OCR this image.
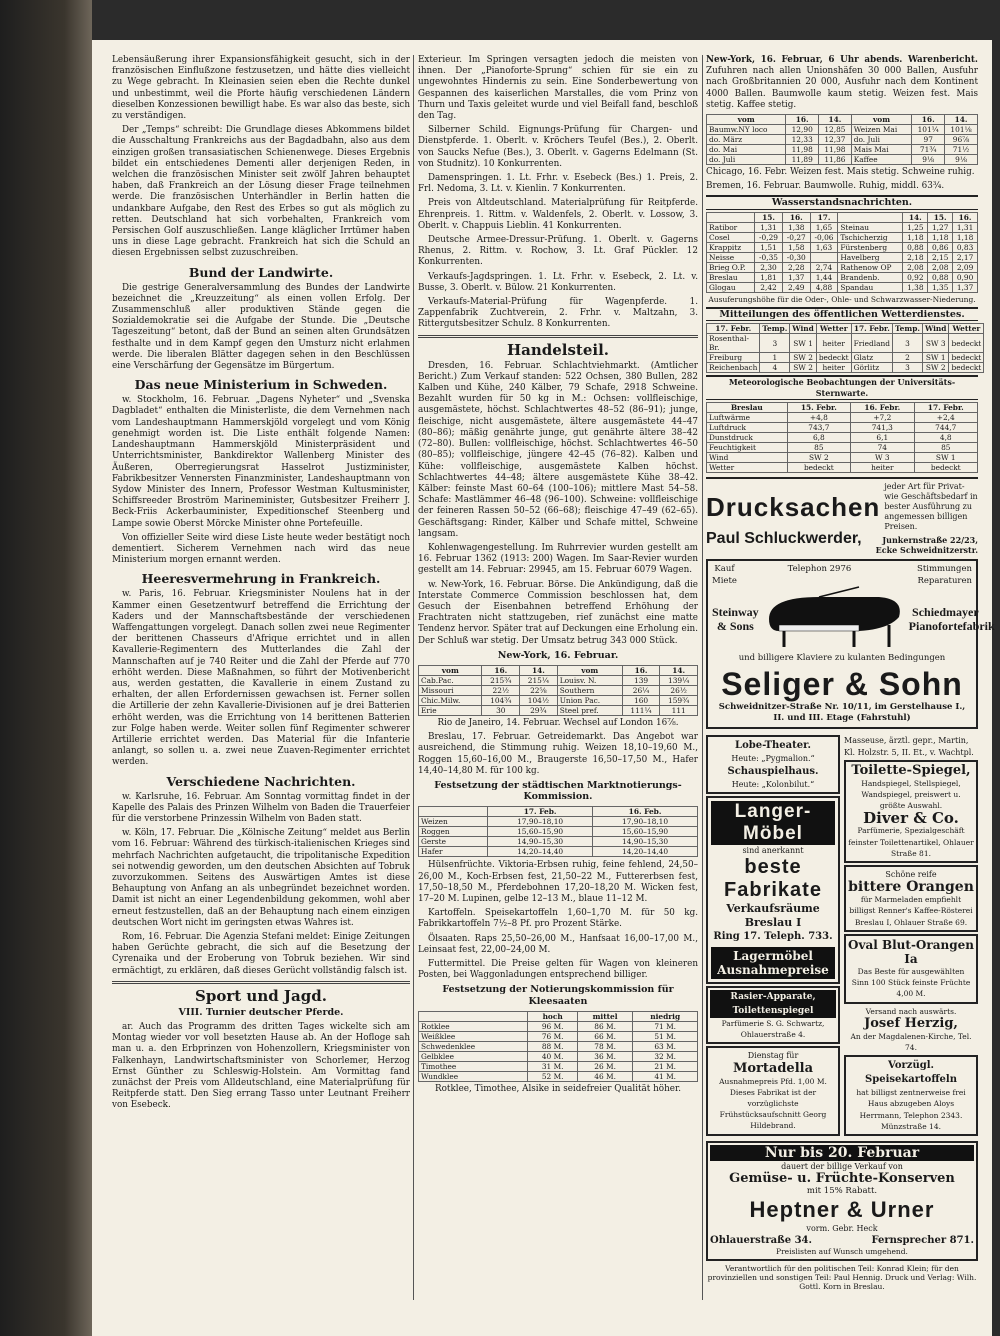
Lebensäußerung ihrer Expansionsfähigkeit gesucht, sich in der französischen Einflußzone festzusetzen, und hätte dies vielleicht zu Wege gebracht. In Kleinasien seien eben die Rechte dunkel und unbestimmt, weil die Pforte häufig verschiedenen Ländern dieselben Konzessionen bewilligt habe. Es war also das beste, sich zu verständigen.

Der „Temps“ schreibt: Die Grundlage dieses Abkommens bildet die Ausschaltung Frankreichs aus der Bagdadbahn, also aus dem einzigen großen transasiatischen Schienenwege. Dieses Ergebnis bildet ein entschiedenes Dementi aller derjenigen Reden, in welchen die französischen Minister seit zwölf Jahren behauptet haben, daß Frankreich an der Lösung dieser Frage teilnehmen werde. Die französischen Unterhändler in Berlin hatten die undankbare Aufgabe, den Rest des Erbes so gut als möglich zu retten. Deutschland hat sich vorbehalten, Frankreich vom Persischen Golf auszuschließen. Lange kläglicher Irrtümer haben uns in diese Lage gebracht. Frankreich hat sich die Schuld an diesen Ergebnissen selbst zuzuschreiben.

Bund der Landwirte.

Die gestrige Generalversammlung des Bundes der Landwirte bezeichnet die „Kreuzzeitung“ als einen vollen Erfolg. Der Zusammenschluß aller produktiven Stände gegen die Sozialdemokratie sei die Aufgabe der Stunde. Die „Deutsche Tageszeitung“ betont, daß der Bund an seinen alten Grundsätzen festhalte und in dem Kampf gegen den Umsturz nicht erlahmen werde. Die liberalen Blätter dagegen sehen in den Beschlüssen eine Verschärfung der Gegensätze im Bürgertum.

Das neue Ministerium in Schweden.

w. Stockholm, 16. Februar. „Dagens Nyheter“ und „Svenska Dagbladet“ enthalten die Ministerliste, die dem Vernehmen nach vom Landeshauptmann Hammerskjöld vorgelegt und vom König genehmigt worden ist. Die Liste enthält folgende Namen: Landeshauptmann Hammerskjöld Ministerpräsident und Unterrichtsminister, Bankdirektor Wallenberg Minister des Äußeren, Oberregierungsrat Hasselrot Justizminister, Fabrikbesitzer Vennersten Finanzminister, Landeshauptmann von Sydow Minister des Innern, Professor Westman Kultusminister, Schiffsreeder Broström Marineminister, Gutsbesitzer Freiherr J. Beck-Friis Ackerbauminister, Expeditionschef Steenberg und Lampe sowie Oberst Mörcke Minister ohne Portefeuille.

Von offizieller Seite wird diese Liste heute weder bestätigt noch dementiert. Sicherem Vernehmen nach wird das neue Ministerium morgen ernannt werden.

Heeresvermehrung in Frankreich.

w. Paris, 16. Februar. Kriegsminister Noulens hat in der Kammer einen Gesetzentwurf betreffend die Errichtung der Kaders und der Mannschaftsbestände der verschiedenen Waffengattungen vorgelegt. Danach sollen zwei neue Regimenter der berittenen Chasseurs d'Afrique errichtet und in allen Kavallerie-Regimentern des Mutterlandes die Zahl der Mannschaften auf je 740 Reiter und die Zahl der Pferde auf 770 erhöht werden. Diese Maßnahmen, so führt der Motivenbericht aus, werden gestatten, die Kavallerie in einem Zustand zu erhalten, der allen Erfordernissen gewachsen ist. Ferner sollen die Artillerie der zehn Kavallerie-Divisionen auf je drei Batterien erhöht werden, was die Errichtung von 14 berittenen Batterien zur Folge haben werde. Weiter sollen fünf Regimenter schwerer Artillerie errichtet werden. Das Material für die Infanterie anlangt, so sollen u. a. zwei neue Zuaven-Regimenter errichtet werden.

Verschiedene Nachrichten.

w. Karlsruhe, 16. Februar. Am Sonntag vormittag findet in der Kapelle des Palais des Prinzen Wilhelm von Baden die Trauerfeier für die verstorbene Prinzessin Wilhelm von Baden statt.

w. Köln, 17. Februar. Die „Kölnische Zeitung“ meldet aus Berlin vom 16. Februar: Während des türkisch-italienischen Krieges sind mehrfach Nachrichten aufgetaucht, die tripolitanische Expedition sei notwendig geworden, um den deutschen Absichten auf Tobruk zuvorzukommen. Seitens des Auswärtigen Amtes ist diese Behauptung von Anfang an als unbegründet bezeichnet worden. Damit ist nicht an einer Legendenbildung gekommen, wohl aber erneut festzustellen, daß an der Behauptung nach einem einzigen deutschen Wort nicht im geringsten etwas Wahres ist.

Rom, 16. Februar. Die Agenzia Stefani meldet: Einige Zeitungen haben Gerüchte gebracht, die sich auf die Besetzung der Cyrenaika und der Eroberung von Tobruk beziehen. Wir sind ermächtigt, zu erklären, daß dieses Gerücht vollständig falsch ist.

Sport und Jagd.
VIII. Turnier deutscher Pferde.

ar. Auch das Programm des dritten Tages wickelte sich am Montag wieder vor voll besetzten Hause ab. An der Hofloge sah man u. a. den Erbprinzen von Hohenzollern, Kriegsminister von Falkenhayn, Landwirtschaftsminister von Schorlemer, Herzog Ernst Günther zu Schleswig-Holstein. Am Vormittag fand zunächst der Preis vom Alldeutschland, eine Materialprüfung für Reitpferde statt. Den Sieg errang Tasso unter Leutnant Freiherr von Esebeck.

Exterieur. Im Springen versagten jedoch die meisten von ihnen. Der „Pianoforte-Sprung“ schien für sie ein zu ungewohntes Hindernis zu sein. Eine Sonderbewertung von Gespannen des kaiserlichen Marstalles, die vom Prinz von Thurn und Taxis geleitet wurde und viel Beifall fand, beschloß den Tag.

Silberner Schild. Eignungs-Prüfung für Chargen- und Dienstpferde. 1. Oberlt. v. Kröchers Teufel (Bes.), 2. Oberlt. von Saucks Nefue (Bes.), 3. Oberlt. v. Gagerns Edelmann (St. von Studnitz). 10 Konkurrenten.

Damenspringen. 1. Lt. Frhr. v. Esebeck (Bes.) 1. Preis, 2. Frl. Nedoma, 3. Lt. v. Kienlin. 7 Konkurrenten.

Preis von Altdeutschland. Materialprüfung für Reitpferde. Ehrenpreis. 1. Rittm. v. Waldenfels, 2. Oberlt. v. Lossow, 3. Oberlt. v. Chappuis Lieblin. 41 Konkurrenten.

Deutsche Armee-Dressur-Prüfung. 1. Oberlt. v. Gagerns Rhenus, 2. Rittm. v. Rochow, 3. Lt. Graf Pückler. 12 Konkurrenten.

Verkaufs-Jagdspringen. 1. Lt. Frhr. v. Esebeck, 2. Lt. v. Busse, 3. Oberlt. v. Bülow. 21 Konkurrenten.

Verkaufs-Material-Prüfung für Wagenpferde. 1. Zappenfabrik Zuchtverein, 2. Frhr. v. Maltzahn, 3. Rittergutsbesitzer Schulz. 8 Konkurrenten.

Handelsteil.

Dresden, 16. Februar. Schlachtviehmarkt. (Amtlicher Bericht.) Zum Verkauf standen: 522 Ochsen, 380 Bullen, 282 Kalben und Kühe, 240 Kälber, 79 Schafe, 2918 Schweine. Bezahlt wurden für 50 kg in M.: Ochsen: vollfleischige, ausgemästete, höchst. Schlachtwertes 48–52 (86–91); junge, fleischige, nicht ausgemästete, ältere ausgemästete 44–47 (80–86); mäßig genährte junge, gut genährte ältere 38–42 (72–80). Bullen: vollfleischige, höchst. Schlachtwertes 46–50 (80–85); vollfleischige, jüngere 42–45 (76–82). Kalben und Kühe: vollfleischige, ausgemästete Kalben höchst. Schlachtwertes 44–48; ältere ausgemästete Kühe 38–42. Kälber: feinste Mast 60–64 (100–106); mittlere Mast 54–58. Schafe: Mastlämmer 46–48 (96–100). Schweine: vollfleischige der feineren Rassen 50–52 (66–68); fleischige 47–49 (62–65). Geschäftsgang: Rinder, Kälber und Schafe mittel, Schweine langsam.

Kohlenwagengestellung. Im Ruhrrevier wurden gestellt am 16. Februar 1362 (1913: 200) Wagen. Im Saar-Revier wurden gestellt am 14. Februar: 29945, am 15. Februar 6079 Wagen.

w. New-York, 16. Februar. Börse. Die Ankündigung, daß die Interstate Commerce Commission beschlossen hat, dem Gesuch der Eisenbahnen betreffend Erhöhung der Frachtraten nicht stattzugeben, rief zunächst eine matte Tendenz hervor. Später trat auf Deckungen eine Erholung ein. Der Schluß war stetig. Der Umsatz betrug 343 000 Stück.

New-York, 16. Februar.
vom	16.	14.	vom	16.	14.
Cab.Pac.	215¾	215¼	Louisv. N.	139	139¼
Missouri	22½	22⅝	Southern	26¼	26½
Chic.Milw.	104¾	104½	Union Pac.	160	159¾
Erie	30	29¾	Steel pref.	111¼	111

Rio de Janeiro, 14. Februar. Wechsel auf London 16⅞.

Breslau, 17. Februar. Getreidemarkt. Das Angebot war ausreichend, die Stimmung ruhig. Weizen 18,10–19,60 M., Roggen 15,60–16,00 M., Braugerste 16,50–17,50 M., Hafer 14,40–14,80 M. für 100 kg.

Festsetzung der städtischen Marktnotierungs-Kommission.
	17. Feb.	16. Feb.
Weizen	17,90–18,10	17,90–18,10
Roggen	15,60–15,90	15,60–15,90
Gerste	14,90–15,30	14,90–15,30
Hafer	14,20–14,40	14,20–14,40

Hülsenfrüchte. Viktoria-Erbsen ruhig, feine fehlend, 24,50–26,00 M., Koch-Erbsen fest, 21,50–22 M., Futtererbsen fest, 17,50–18,50 M., Pferdebohnen 17,20–18,20 M. Wicken fest, 17–20 M. Lupinen, gelbe 12–13 M., blaue 11–12 M.

Kartoffeln. Speisekartoffeln 1,60–1,70 M. für 50 kg. Fabrikkartoffeln 7½–8 Pf. pro Prozent Stärke.

Ölsaaten. Raps 25,50–26,00 M., Hanfsaat 16,00–17,00 M., Leinsaat fest, 22,00–24,00 M.

Futtermittel. Die Preise gelten für Wagen von kleineren Posten, bei Waggonladungen entsprechend billiger.

Festsetzung der Notierungskommission für Kleesaaten
	hoch	mittel	niedrig
Rotklee	96 M.	86 M.	71 M.
Weißklee	76 M.	66 M.	51 M.
Schwedenklee	88 M.	78 M.	63 M.
Gelbklee	40 M.	36 M.	32 M.
Timothee	31 M.	26 M.	21 M.
Wundklee	52 M.	46 M.	41 M.

Rotklee, Timothee, Alsike in seidefreier Qualität höher.

New-York, 16. Februar, 6 Uhr abends. Warenbericht. Zufuhren nach allen Unionshäfen 30 000 Ballen, Ausfuhr nach Großbritannien 20 000, Ausfuhr nach dem Kontinent 4000 Ballen. Baumwolle kaum stetig. Weizen fest. Mais stetig. Kaffee stetig.

vom	16.	14.	vom	16.	14.
Baumw.NY loco	12,90	12,85	Weizen Mai	101¼	101⅛
do. März	12,33	12,37	do. Juli	97	96⅞
do. Mai	11,98	11,98	Mais Mai	71¾	71½
do. Juli	11,89	11,86	Kaffee	9⅛	9⅛

Chicago, 16. Febr. Weizen fest. Mais stetig. Schweine ruhig.

Bremen, 16. Februar. Baumwolle. Ruhig, middl. 63¾.

Wasserstandsnachrichten.
	15.	16.	17.		14.	15.	16.
Ratibor	1,31	1,38	1,65	Steinau	1,25	1,27	1,31
Cosel	-0,29	-0,27	-0,06	Tschicherzig	1,18	1,18	1,18
Krappitz	1,51	1,58	1,63	Fürstenberg	0,88	0,86	0,83
Neisse	-0,35	-0,30		Havelberg	2,18	2,15	2,17
Brieg O.P.	2,30	2,28	2,74	Rathenow OP	2,08	2,08	2,09
Breslau	1,81	1,37	1,44	Brandenb.	0,92	0,88	0,90
Glogau	2,42	2,49	4,88	Spandau	1,38	1,35	1,37

Ausuferungshöhe für die Oder-, Ohle- und Schwarzwasser-Niederung.

Mitteilungen des öffentlichen Wetterdienstes.
17. Febr.	Temp.	Wind	Wetter	17. Febr.	Temp.	Wind	Wetter
Rosenthal-Br.	3	SW 1	heiter	Friedland	3	SW 3	bedeckt
Freiburg	1	SW 2	bedeckt	Glatz	2	SW 1	bedeckt
Reichenbach	4	SW 2	heiter	Görlitz	3	SW 2	bedeckt
Meteorologische Beobachtungen der Universitäts-Sternwarte.
Breslau	15. Febr.	16. Febr.	17. Febr.
Luftwärme	+4,8	+7,2	+2,4
Luftdruck	743,7	741,3	744,7
Dunstdruck	6,8	6,1	4,8
Feuchtigkeit	85	74	85
Wind	SW 2	W 3	SW 1
Wetter	bedeckt	heiter	bedeckt
Drucksachen
jeder Art für Privat- wie Geschäftsbedarf in bester Ausführung zu angemessen billigen Preisen.
Paul Schluckwerder,	Junkernstraße 22/23, Ecke Schweidnitzerstr.
Kauf
Miete
Telephon 2976	Stimmungen Reparaturen
Steinway & Sons
Schiedmayer Pianofortefabrik
und billigere Klaviere zu kulanten Bedingungen
Seliger & Sohn
Schweidnitzer-Straße Nr. 10/11, im Gerstelhause I., II. und III. Etage (Fahrstuhl)
Lobe-Theater.
Heute: „Pygmalion.“
Schauspielhaus.
Heute: „Kolonbilut.“
Langer-Möbel
sind anerkannt
beste Fabrikate
Verkaufsräume Breslau I
Ring 17. Teleph. 733.
Lagermöbel Ausnahmepreise
Rasier-Apparate, Toilettenspiegel
Parfümerie S. G. Schwartz, Ohlauerstraße 4.
Dienstag für
Mortadella
Ausnahmepreis Pfd. 1,00 M. Dieses Fabrikat ist der vorzüglichste Frühstücksaufschnitt Georg Hildebrand.
Masseuse, ärztl. gepr., Martin, Kl. Holzstr. 5, II. Et., v. Wachtpl.
Toilette-Spiegel,
Handspiegel, Stellspiegel, Wandspiegel, preiswert u. größte Auswahl.
Diver & Co.
Parfümerie, Spezialgeschäft feinster Toilettenartikel, Ohlauer Straße 81.
Schöne reife
bittere Orangen
für Marmeladen empfiehlt billigst Renner's Kaffee-Rösterei Breslau I, Ohlauer Straße 69.
Oval Blut-Orangen Ia
Das Beste für ausgewählten Sinn 100 Stück feinste Früchte 4,00 M.
Versand nach auswärts.
Josef Herzig,
An der Magdalenen-Kirche, Tel. 74.
Vorzügl. Speisekartoffeln
hat billigst zentnerweise frei Haus abzugeben Aloys Herrmann, Telephon 2343. Münzstraße 14.
Nur bis 20. Februar
dauert der billige Verkauf von
Gemüse- u. Früchte-Konserven
mit 15% Rabatt.
Heptner & Urner
vorm. Gebr. Heck
Ohlauerstraße 34.	Fernsprecher 871.
Preislisten auf Wunsch umgehend.
Verantwortlich für den politischen Teil: Konrad Klein; für den provinziellen und sonstigen Teil: Paul Hennig. Druck und Verlag: Wilh. Gottl. Korn in Breslau.
